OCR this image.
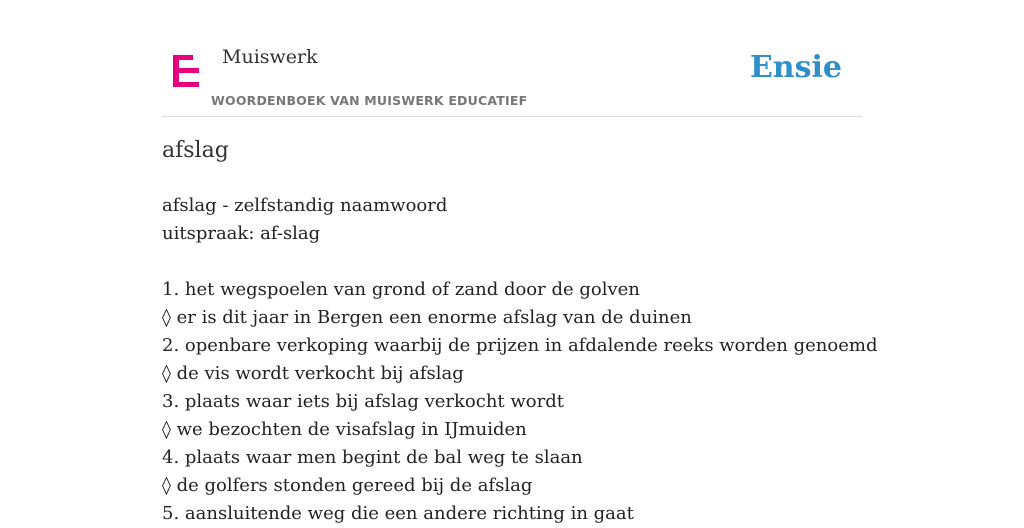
Muiswerk
WOORDENBOEK VAN MUISWERK EDUCATIEF
Ensie
afslag
afslag - zelfstandig naamwoord
uitspraak: af-slag
1. het wegspoelen van grond of zand door de golven
◊ er is dit jaar in Bergen een enorme afslag van de duinen
2. openbare verkoping waarbij de prijzen in afdalende reeks worden genoemd
◊ de vis wordt verkocht bij afslag
3. plaats waar iets bij afslag verkocht wordt
◊ we bezochten de visafslag in IJmuiden
4. plaats waar men begint de bal weg te slaan
◊ de golfers stonden gereed bij de afslag
5. aansluitende weg die een andere richting in gaat
